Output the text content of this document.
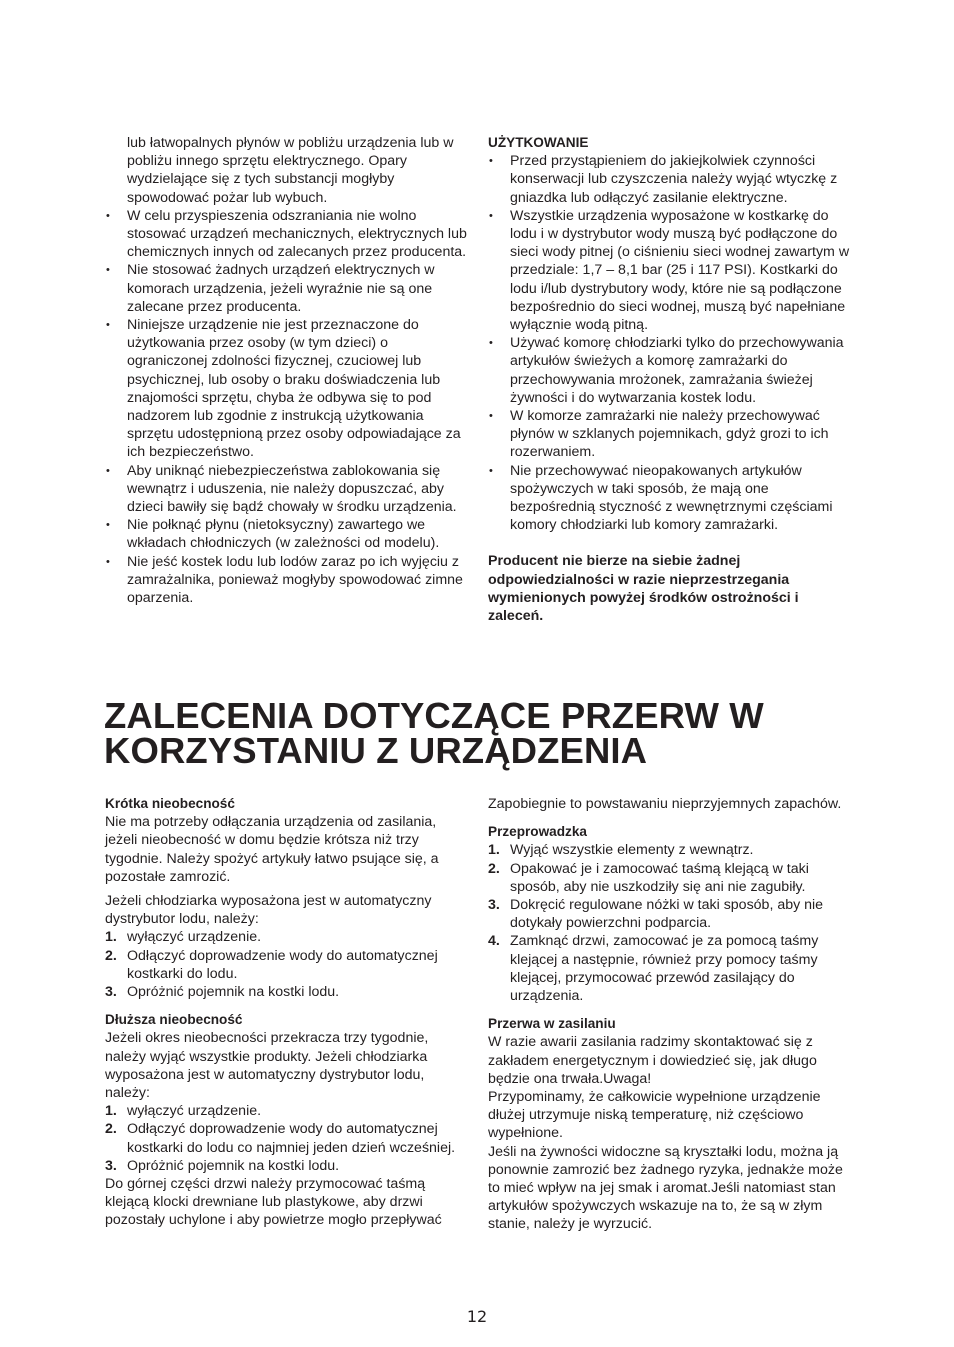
lub łatwopalnych płynów w pobliżu urządzenia lub w pobliżu innego sprzętu elektrycznego. Opary wydzielające się z tych substancji mogłyby spowodować pożar lub wybuch.

• W celu przyspieszenia odszraniania nie wolno stosować urządzeń mechanicznych, elektrycznych lub chemicznych innych od zalecanych przez producenta.
• Nie stosować żadnych urządzeń elektrycznych w komorach urządzenia, jeżeli wyraźnie nie są one zalecane przez producenta.
• Niniejsze urządzenie nie jest przeznaczone do użytkowania przez osoby (w tym dzieci) o ograniczonej zdolności fizycznej, czuciowej lub psychicznej, lub osoby o braku doświadczenia lub znajomości sprzętu, chyba że odbywa się to pod nadzorem lub zgodnie z instrukcją użytkowania sprzętu udostępnioną przez osoby odpowiadające za ich bezpieczeństwo.
• Aby uniknąć niebezpieczeństwa zablokowania się wewnątrz i uduszenia, nie należy dopuszczać, aby dzieci bawiły się bądź chowały w środku urządzenia.
• Nie połknąć płynu (nietoksyczny) zawartego we wkładach chłodniczych (w zależności od modelu).
• Nie jeść kostek lodu lub lodów zaraz po ich wyjęciu z zamrażalnika, ponieważ mogłyby spowodować zimne oparzenia.

UŻYTKOWANIE

• Przed przystąpieniem do jakiejkolwiek czynności konserwacji lub czyszczenia należy wyjąć wtyczkę z gniazdka lub odłączyć zasilanie elektryczne.
• Wszystkie urządzenia wyposażone w kostkarkę do lodu i w dystrybutor wody muszą być podłączone do sieci wody pitnej (o ciśnieniu sieci wodnej zawartym w przedziale: 1,7 – 8,1 bar (25 i 117 PSI). Kostkarki do lodu i/lub dystrybutory wody, które nie są podłączone bezpośrednio do sieci wodnej, muszą być napełniane wyłącznie wodą pitną.
• Używać komorę chłodziarki tylko do przechowywania artykułów świeżych a komorę zamrażarki do przechowywania mrożonek, zamrażania świeżej żywności i do wytwarzania kostek lodu.
• W komorze zamrażarki nie należy przechowywać płynów w szklanych pojemnikach, gdyż grozi to ich rozerwaniem.
• Nie przechowywać nieopakowanych artykułów spożywczych w taki sposób, że mają one bezpośrednią styczność z wewnętrznymi częściami komory chłodziarki lub komory zamrażarki.

Producent nie bierze na siebie żadnej odpowiedzialności w razie nieprzestrzegania wymienionych powyżej środków ostrożności i zaleceń.

ZALECENIA DOTYCZĄCE PRZERW W
KORZYSTANIU Z URZĄDZENIA

Krótka nieobecność

Nie ma potrzeby odłączania urządzenia od zasilania, jeżeli nieobecność w domu będzie krótsza niż trzy tygodnie. Należy spożyć artykuły łatwo psujące się, a pozostałe zamrozić.

Jeżeli chłodziarka wyposażona jest w automatyczny dystrybutor lodu, należy:

1. wyłączyć urządzenie.
2. Odłączyć doprowadzenie wody do automatycznej kostkarki do lodu.
3. Opróżnić pojemnik na kostki lodu.

Dłuższa nieobecność

Jeżeli okres nieobecności przekracza trzy tygodnie, należy wyjąć wszystkie produkty. Jeżeli chłodziarka wyposażona jest w automatyczny dystrybutor lodu, należy:

1. wyłączyć urządzenie.
2. Odłączyć doprowadzenie wody do automatycznej kostkarki do lodu co najmniej jeden dzień wcześniej.
3. Opróżnić pojemnik na kostki lodu.

Do górnej części drzwi należy przymocować taśmą klejącą klocki drewniane lub plastykowe, aby drzwi pozostały uchylone i aby powietrze mogło przepływać

Zapobiegnie to powstawaniu nieprzyjemnych zapachów.

Przeprowadzka

1. Wyjąć wszystkie elementy z wewnątrz.
2. Opakować je i zamocować taśmą klejącą w taki sposób, aby nie uszkodziły się ani nie zagubiły.
3. Dokręcić regulowane nóżki w taki sposób, aby nie dotykały powierzchni podparcia.
4. Zamknąć drzwi, zamocować je za pomocą taśmy klejącej a następnie, również przy pomocy taśmy klejącej, przymocować przewód zasilający do urządzenia.

Przerwa w zasilaniu

W razie awarii zasilania radzimy skontaktować się z zakładem energetycznym i dowiedzieć się, jak długo będzie ona trwała.Uwaga!

Przypominamy, że całkowicie wypełnione urządzenie dłużej utrzymuje niską temperaturę, niż częściowo wypełnione.

Jeśli na żywności widoczne są kryształki lodu, można ją ponownie zamrozić bez żadnego ryzyka, jednakże może to mieć wpływ na jej smak i aromat.Jeśli natomiast stan artykułów spożywczych wskazuje na to, że są w złym stanie, należy je wyrzucić.

12
